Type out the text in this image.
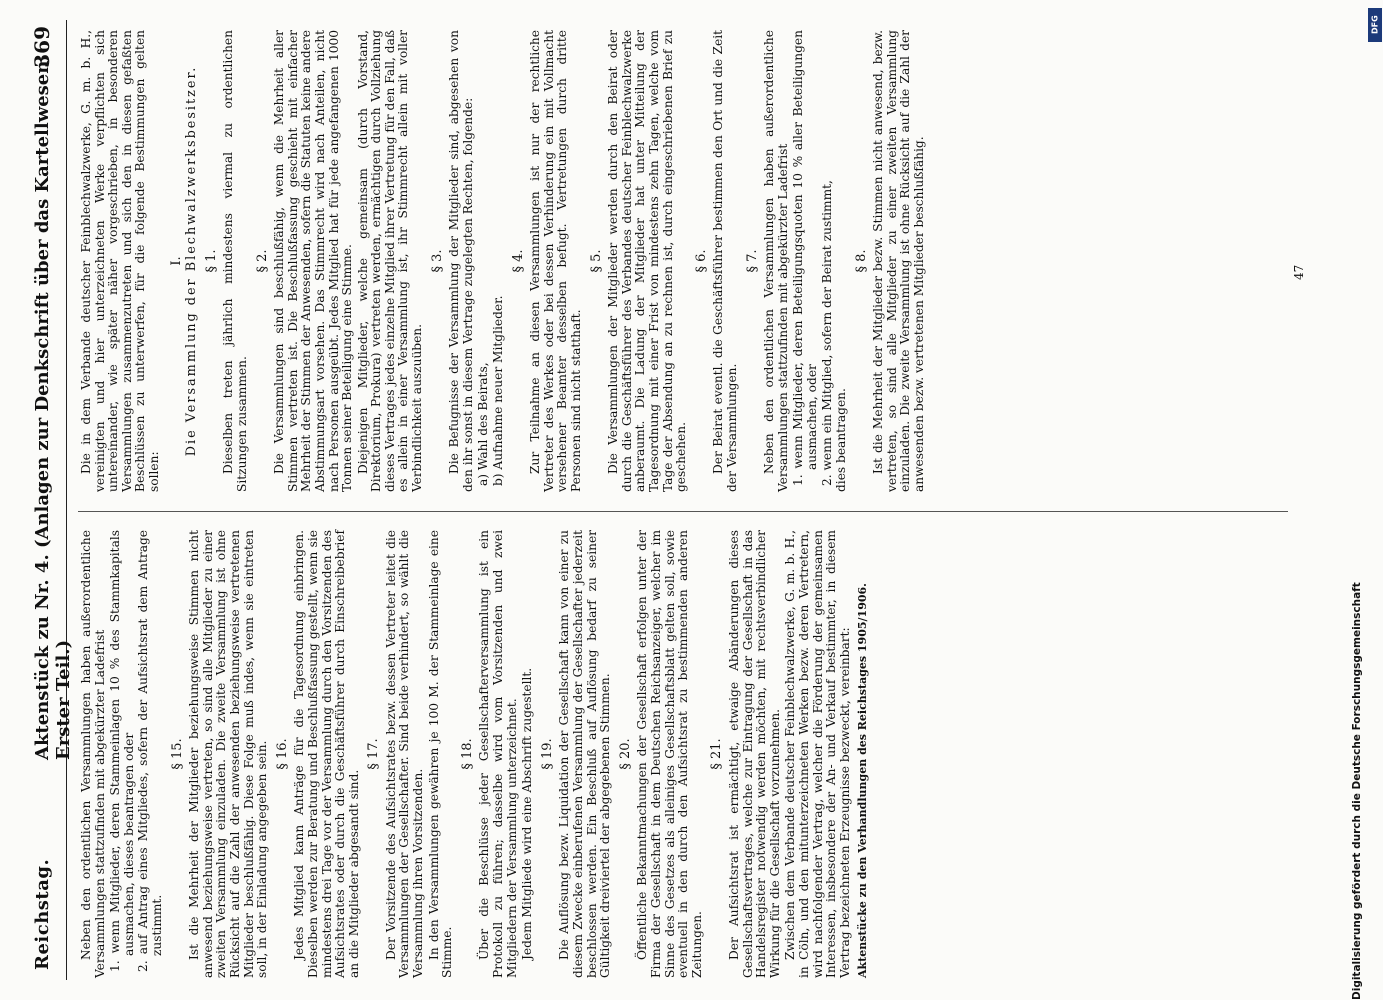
Reichstag.
Aktenstück zu Nr. 4. (Anlagen zur Denkschrift über das Kartellwesen. Erster Teil.)
369

Neben den ordentlichen Versammlungen haben außerordentliche Versammlungen stattzufinden mit abgekürzter Ladefrist 1. wenn Mitglieder, deren Stammeinlagen 10 % des Stammkapitals ausmachen, dieses beantragen oder 2. auf Antrag eines Mitgliedes, sofern der Aufsichtsrat dem Antrage zustimmt.

§ 15. Ist die Mehrheit der Mitglieder beziehungsweise Stimmen nicht anwesend beziehungsweise vertreten, so sind alle Mitglieder zu einer zweiten Versammlung einzuladen. Die zweite Versammlung ist ohne Rücksicht auf die Zahl der anwesenden beziehungsweise vertretenen Mitglieder beschlußfähig. Diese Folge muß indes, wenn sie eintreten soll, in der Einladung angegeben sein. § 16. Jedes Mitglied kann Anträge für die Tagesordnung einbringen. Dieselben werden zur Beratung und Beschlußfassung gestellt, wenn sie mindestens drei Tage vor der Versammlung durch den Vorsitzenden des Aufsichtsrates oder durch die Geschäftsführer durch Einschreibebrief an die Mitglieder abgesandt sind.

§ 17. Der Vorsitzende des Aufsichtsrates bezw. dessen Vertreter leitet die Versammlungen der Gesellschafter. Sind beide verhindert, so wählt die Versammlung ihren Vorsitzenden. In den Versammlungen gewähren je 100 M. der Stammeinlage eine Stimme.

§ 18. Über die Beschlüsse jeder Gesellschafterversammlung ist ein Protokoll zu führen; dasselbe wird vom Vorsitzenden und zwei Mitgliedern der Versammlung unterzeichnet. Jedem Mitgliede wird eine Abschrift zugestellt. § 19. Die Auflösung bezw. Liquidation der Gesellschaft kann von einer zu diesem Zwecke einberufenen Versammlung der Gesellschafter jederzeit beschlossen werden. Ein Beschluß auf Auflösung bedarf zu seiner Gültigkeit dreiviertel der abgegebenen Stimmen. § 20. Öffentliche Bekanntmachungen der Gesellschaft erfolgen unter der Firma der Gesellschaft in dem Deutschen Reichsanzeiger, welcher im Sinne des Gesetzes als alleiniges Gesellschaftsblatt gelten soll, sowie eventuell in den durch den Aufsichtsrat zu bestimmenden anderen Zeitungen.

§ 21. Der Aufsichtsrat ist ermächtigt, etwaige Abänderungen dieses Gesellschaftsvertrages, welche zur Eintragung der Gesellschaft in das Handelsregister notwendig werden möchten, mit rechtsverbindlicher Wirkung für die Gesellschaft vorzunehmen. Zwischen dem Verbande deutscher Feinblechwalzwerke, G. m. b. H., in Cöln, und den mitunterzeichneten Werken bezw. deren Vertretern, wird nachfolgender Vertrag, welcher die Förderung der gemeinsamen Interessen, insbesondere der An- und Verkauf bestimmter, in diesem Vertrag bezeichneten Erzeugnisse bezweckt, vereinbart: Aktenstücke zu den Verhandlungen des Reichstages 1905/1906.

Die in dem Verbande deutscher Feinblechwalzwerke, G. m. b. H., vereinigten und hier unterzeichneten Werke verpflichten sich untereinander, wie später näher vorgeschrieben, in besonderen Versammlungen zusammenzutreten und sich den in diesen gefaßten Beschlüssen zu unterwerfen, für die folgende Bestimmungen gelten sollen:

I. Die Versammlung der Blechwalzwerksbesitzer. § 1. Dieselben treten jährlich mindestens viermal zu ordentlichen Sitzungen zusammen.

§ 2. Die Versammlungen sind beschlußfähig, wenn die Mehrheit aller Stimmen vertreten ist. Die Beschlußfassung geschieht mit einfacher Mehrheit der Stimmen der Anwesenden, sofern die Statuten keine andere Abstimmungsart vorsehen. Das Stimmrecht wird nach Anteilen, nicht nach Personen ausgeübt. Jedes Mitglied hat für jede angefangenen 1000 Tonnen seiner Beteiligung eine Stimme. Diejenigen Mitglieder, welche gemeinsam (durch Vorstand, Direktorium, Prokura) vertreten werden, ermächtigen durch Vollziehung dieses Vertrages jedes einzelne Mitglied ihrer Vertretung für den Fall, daß es allein in einer Versammlung ist, ihr Stimmrecht allein mit voller Verbindlichkeit auszuüben.

§ 3. Die Befugnisse der Versammlung der Mitglieder sind, abgesehen von den ihr sonst in diesem Vertrage zugelegten Rechten, folgende: a) Wahl des Beirats, b) Aufnahme neuer Mitglieder.

§ 4. Zur Teilnahme an diesen Versammlungen ist nur der rechtliche Vertreter des Werkes oder bei dessen Verhinderung ein mit Vollmacht versehener Beamter desselben befugt. Vertretungen durch dritte Personen sind nicht statthaft.

§ 5. Die Versammlungen der Mitglieder werden durch den Beirat oder durch die Geschäftsführer des Verbandes deutscher Feinblechwalzwerke anberaumt. Die Ladung der Mitglieder hat unter Mitteilung der Tagesordnung mit einer Frist von mindestens zehn Tagen, welche vom Tage der Absendung an zu rechnen ist, durch eingeschriebenen Brief zu geschehen.

§ 6. Der Beirat eventl. die Geschäftsführer bestimmen den Ort und die Zeit der Versammlungen.

§ 7. Neben den ordentlichen Versammlungen haben außerordentliche Versammlungen stattzufinden mit abgekürzter Ladefrist 1. wenn Mitglieder, deren Beteiligungsquoten 10 % aller Beteiligungen ausmachen, oder 2. wenn ein Mitglied, sofern der Beirat zustimmt, dies beantragen.

§ 8. Ist die Mehrheit der Mitglieder bezw. Stimmen nicht anwesend, bezw. vertreten, so sind alle Mitglieder zu einer zweiten Versammlung einzuladen. Die zweite Versammlung ist ohne Rücksicht auf die Zahl der anwesenden bezw. vertretenen Mitglieder beschlußfähig.	47
Digitalisierung gefördert durch die Deutsche Forschungsgemeinschaft
DFG
